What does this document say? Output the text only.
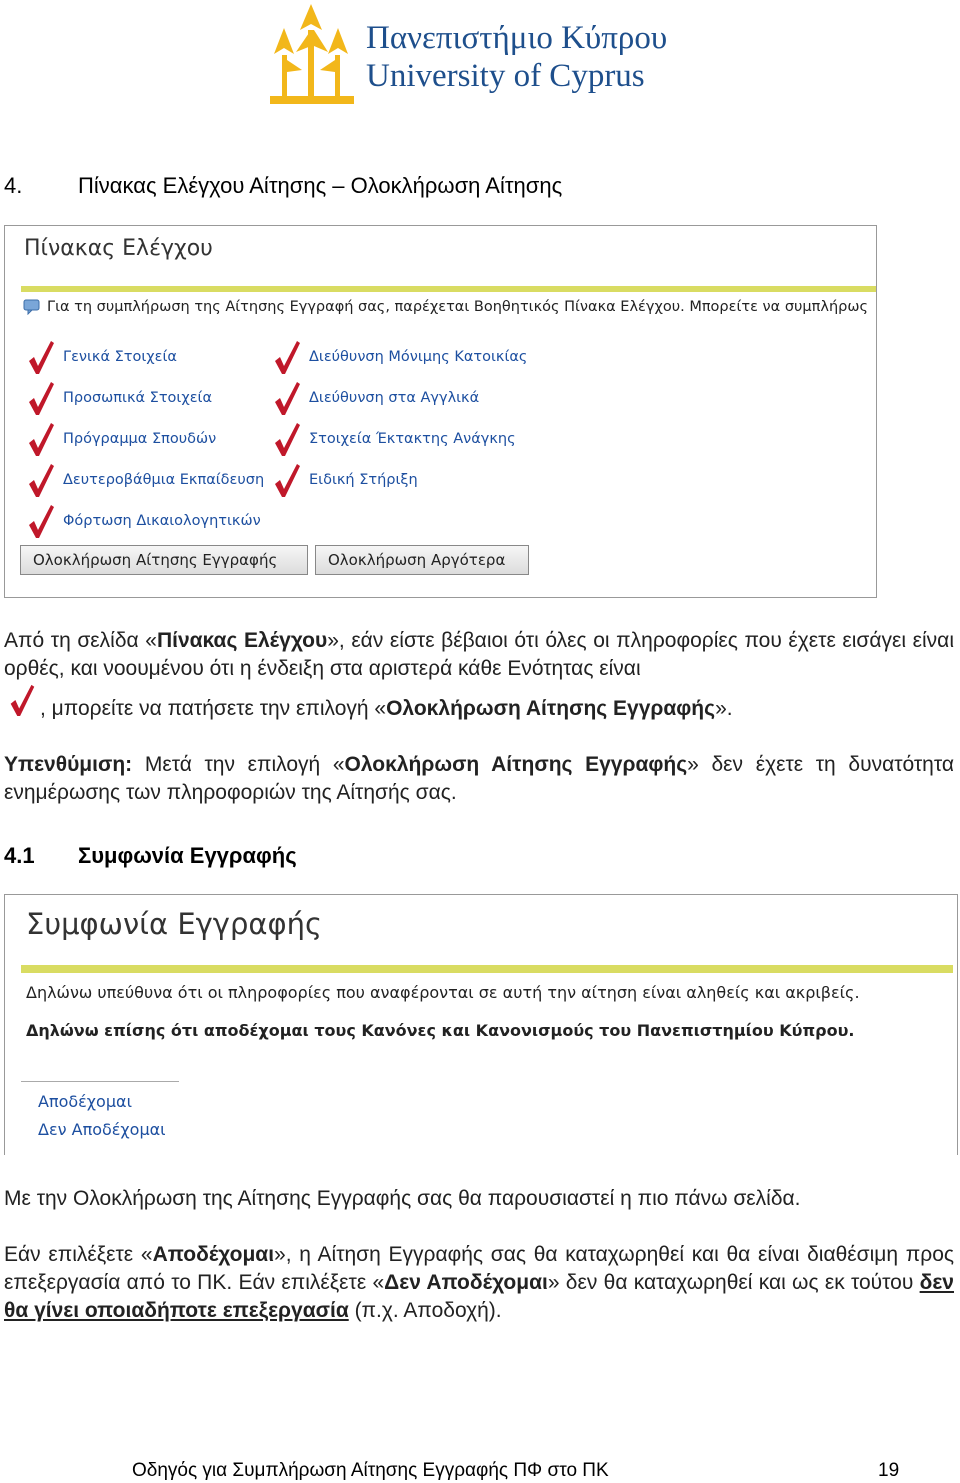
Πανεπιστήμιο Κύπρου
University of Cyprus
4.	Πίνακας Ελέγχου Αίτησης – Ολοκλήρωση Αίτησης
Πίνακας Ελέγχου
Για τη συμπλήρωση της Αίτησης Εγγραφή σας, παρέχεται Βοηθητικός Πίνακα Ελέγχου. Μπορείτε να συμπλήρως
Γενικά Στοιχεία
Προσωπικά Στοιχεία
Πρόγραμμα Σπουδών
Δευτεροβάθμια Εκπαίδευση
Φόρτωση Δικαιολογητικών
Διεύθυνση Μόνιμης Κατοικίας
Διεύθυνση στα Αγγλικά
Στοιχεία Έκτακτης Ανάγκης
Ειδική Στήριξη
Ολοκλήρωση Αίτησης Εγγραφής	Ολοκλήρωση Αργότερα
Από τη σελίδα «Πίνακας Ελέγχου», εάν είστε βέβαιοι ότι όλες οι πληροφορίες που έχετε εισάγει είναι ορθές, και νοουμένου ότι η ένδειξη στα αριστερά κάθε Ενότητας είναι
, μπορείτε να πατήσετε την επιλογή «Ολοκλήρωση Αίτησης Εγγραφής».
Υπενθύμιση: Μετά την επιλογή «Ολοκλήρωση Αίτησης Εγγραφής» δεν έχετε τη δυνατότητα ενημέρωσης των πληροφοριών της Αίτησής σας.
4.1 Συμφωνία Εγγραφής
Συμφωνία Εγγραφής
Δηλώνω υπεύθυνα ότι οι πληροφορίες που αναφέρονται σε αυτή την αίτηση είναι αληθείς και ακριβείς.
Δηλώνω επίσης ότι αποδέχομαι τους Κανόνες και Κανονισμούς του Πανεπιστημίου Κύπρου.
Αποδέχομαι
Δεν Αποδέχομαι
Με την Ολοκλήρωση της Αίτησης Εγγραφής σας θα παρουσιαστεί η πιο πάνω σελίδα.
Εάν επιλέξετε «Αποδέχομαι», η Αίτηση Εγγραφής σας θα καταχωρηθεί και θα είναι διαθέσιμη προς επεξεργασία από το ΠΚ. Εάν επιλέξετε «Δεν Αποδέχομαι» δεν θα καταχωρηθεί και ως εκ τούτου δεν θα γίνει οποιαδήποτε επεξεργασία (π.χ. Αποδοχή).
Οδηγός για Συμπλήρωση Αίτησης Εγγραφής ΠΦ στο ΠΚ	19
